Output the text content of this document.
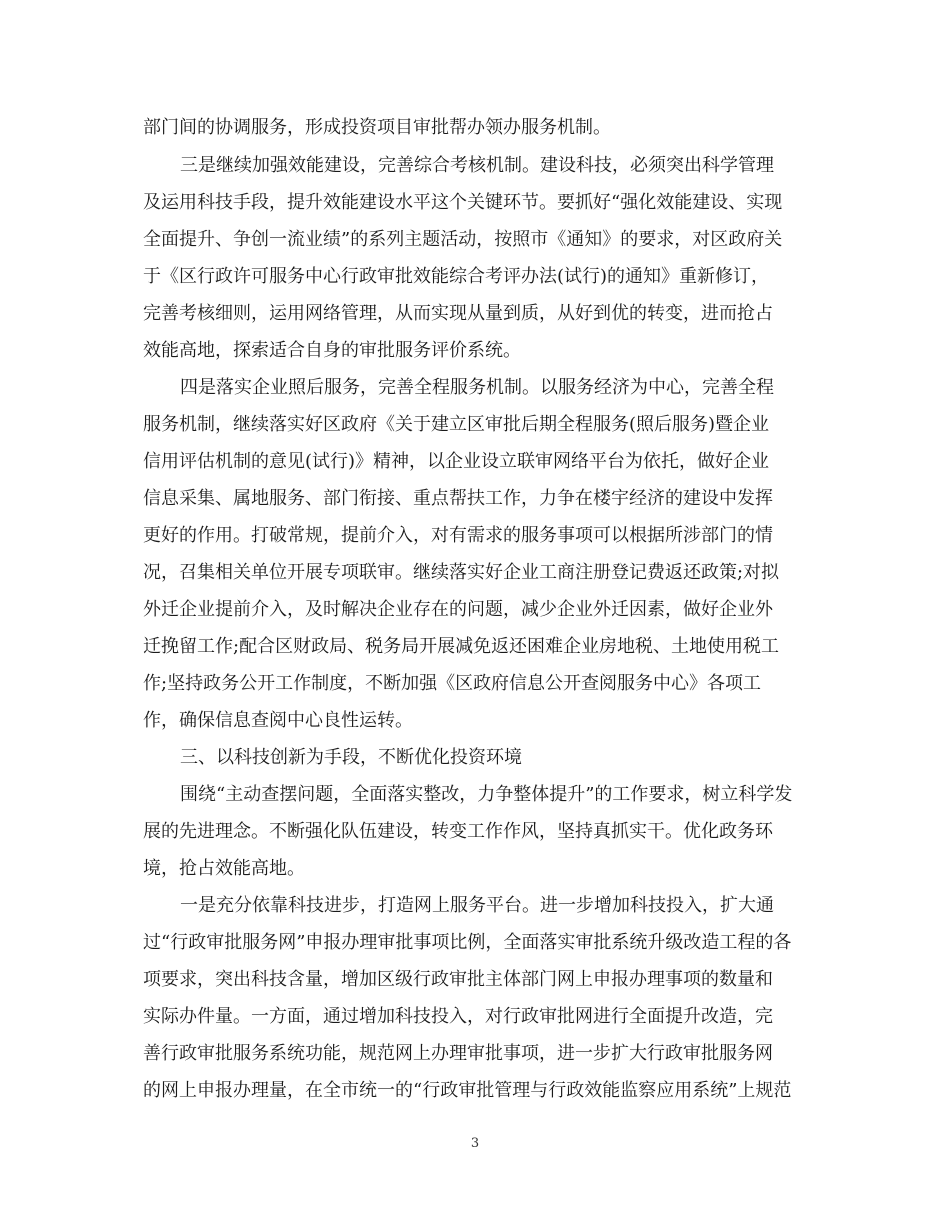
部门间的协调服务，形成投资项目审批帮办领办服务机制。
三是继续加强效能建设，完善综合考核机制。建设科技，必须突出科学管理
及运用科技手段，提升效能建设水平这个关键环节。要抓好“强化效能建设、实现
全面提升、争创一流业绩”的系列主题活动，按照市《通知》的要求，对区政府关
于《区行政许可服务中心行政审批效能综合考评办法(试行)的通知》重新修订，
完善考核细则，运用网络管理，从而实现从量到质，从好到优的转变，进而抢占
效能高地，探索适合自身的审批服务评价系统。
四是落实企业照后服务，完善全程服务机制。以服务经济为中心，完善全程
服务机制，继续落实好区政府《关于建立区审批后期全程服务(照后服务)暨企业
信用评估机制的意见(试行)》精神，以企业设立联审网络平台为依托，做好企业
信息采集、属地服务、部门衔接、重点帮扶工作，力争在楼宇经济的建设中发挥
更好的作用。打破常规，提前介入，对有需求的服务事项可以根据所涉部门的情
况，召集相关单位开展专项联审。继续落实好企业工商注册登记费返还政策;对拟
外迁企业提前介入，及时解决企业存在的问题，减少企业外迁因素，做好企业外
迁挽留工作;配合区财政局、税务局开展减免返还困难企业房地税、土地使用税工
作;坚持政务公开工作制度，不断加强《区政府信息公开查阅服务中心》各项工
作，确保信息查阅中心良性运转。
三、以科技创新为手段，不断优化投资环境
围绕“主动查摆问题，全面落实整改，力争整体提升”的工作要求，树立科学发
展的先进理念。不断强化队伍建设，转变工作作风，坚持真抓实干。优化政务环
境，抢占效能高地。
一是充分依靠科技进步，打造网上服务平台。进一步增加科技投入，扩大通
过“行政审批服务网”申报办理审批事项比例，全面落实审批系统升级改造工程的各
项要求，突出科技含量，增加区级行政审批主体部门网上申报办理事项的数量和
实际办件量。一方面，通过增加科技投入，对行政审批网进行全面提升改造，完
善行政审批服务系统功能，规范网上办理审批事项，进一步扩大行政审批服务网
的网上申报办理量，在全市统一的“行政审批管理与行政效能监察应用系统”上规范
3
